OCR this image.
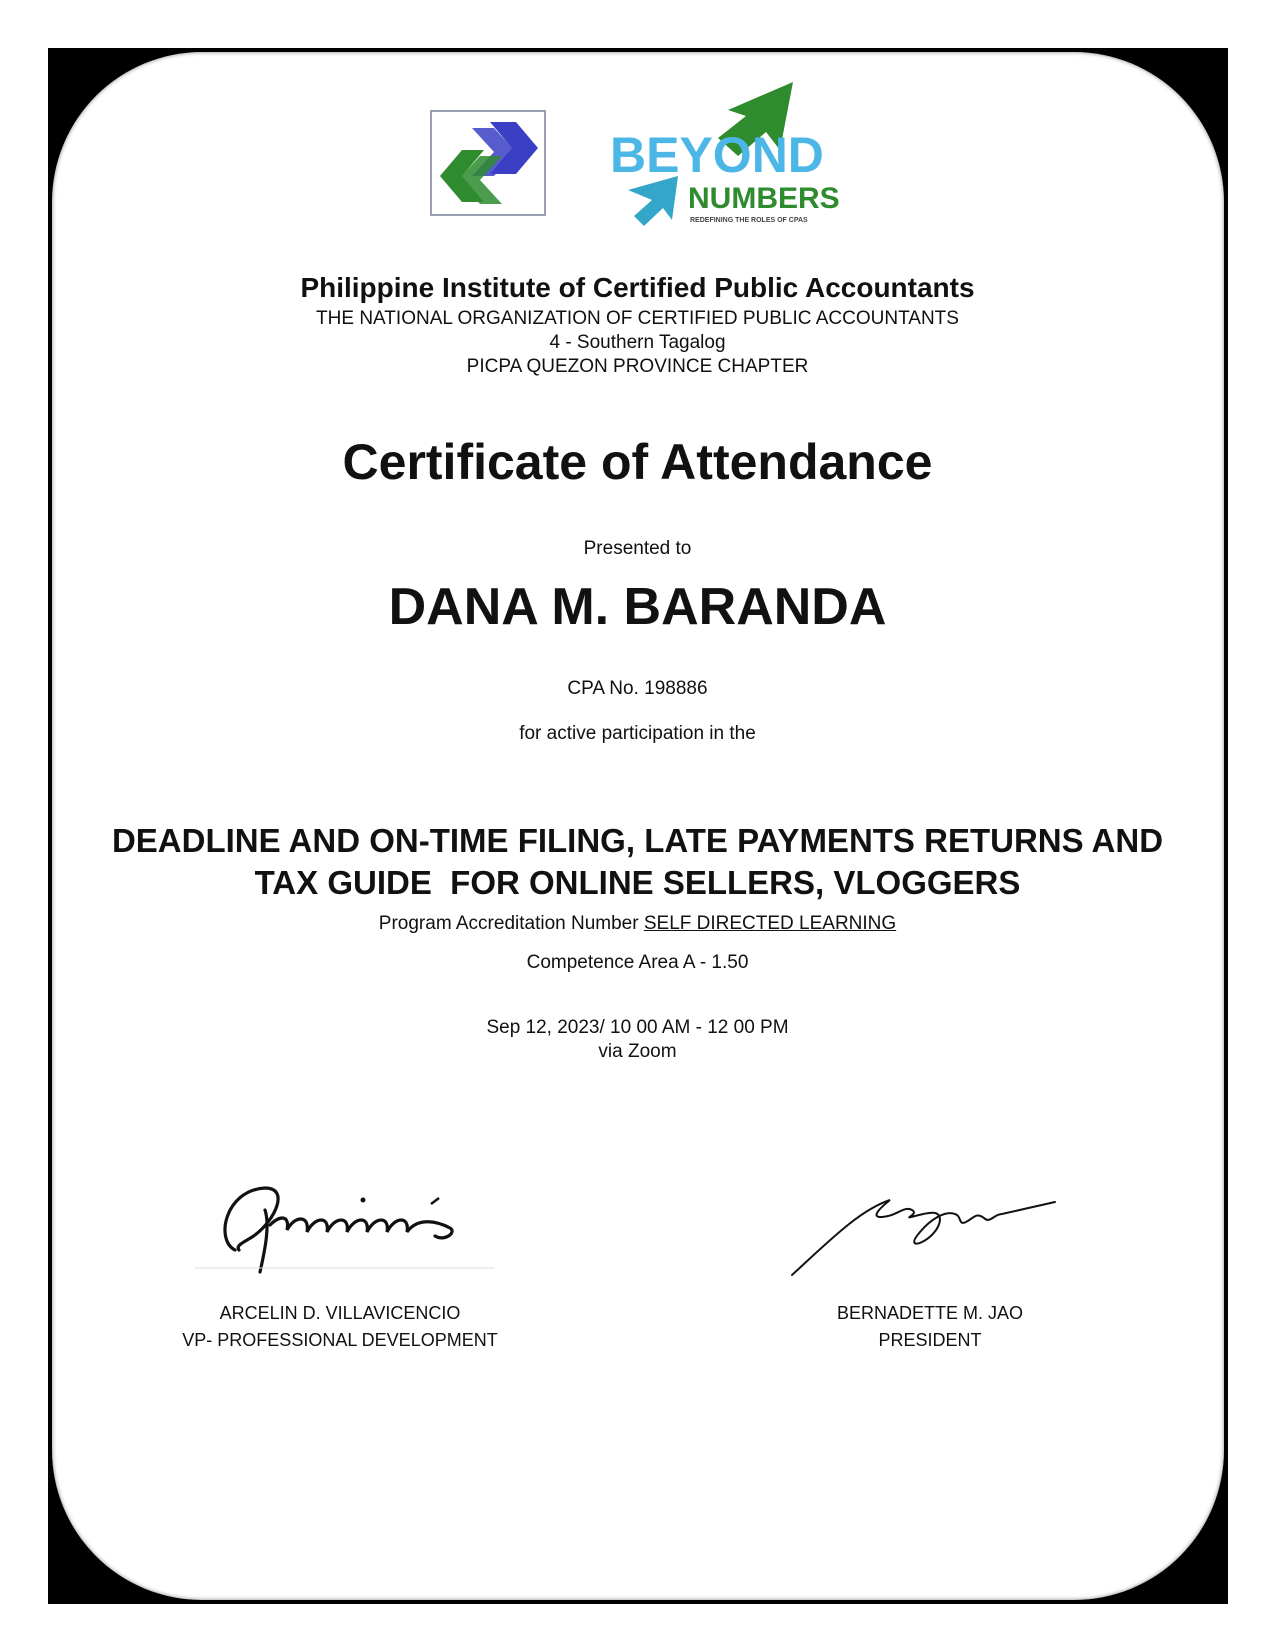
BEYOND
NUMBERS
REDEFINING THE ROLES OF CPAS
Philippine Institute of Certified Public Accountants
THE NATIONAL ORGANIZATION OF CERTIFIED PUBLIC ACCOUNTANTS
4 - Southern Tagalog
PICPA QUEZON PROVINCE CHAPTER
Certificate of Attendance
Presented to
DANA M. BARANDA
CPA No. 198886
for active participation in the
DEADLINE AND ON-TIME FILING, LATE PAYMENTS RETURNS AND
TAX GUIDE  FOR ONLINE SELLERS, VLOGGERS
Program Accreditation Number SELF DIRECTED LEARNING
Competence Area A - 1.50
Sep 12, 2023/ 10 00 AM - 12 00 PM
via Zoom
ARCELIN D. VILLAVICENCIO
VP- PROFESSIONAL DEVELOPMENT
BERNADETTE M. JAO
PRESIDENT
